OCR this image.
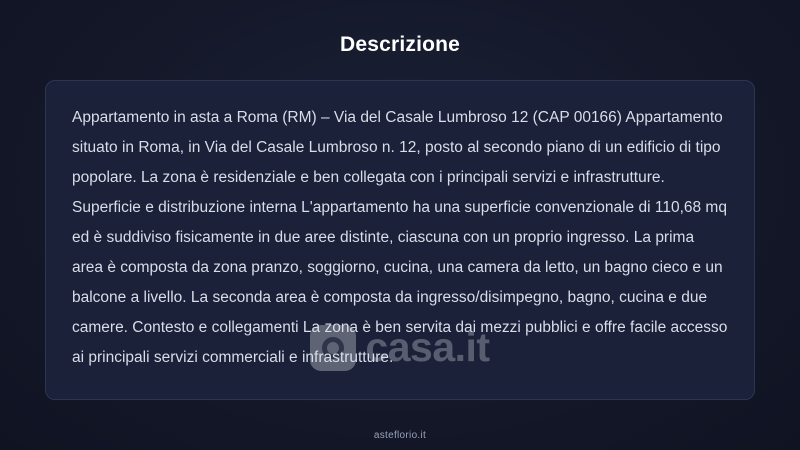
Descrizione

Appartamento in asta a Roma (RM) – Via del Casale Lumbroso 12 (CAP 00166) Appartamento situato in Roma, in Via del Casale Lumbroso n. 12, posto al secondo piano di un edificio di tipo popolare. La zona è residenziale e ben collegata con i principali servizi e infrastrutture. Superficie e distribuzione interna L'appartamento ha una superficie convenzionale di 110,68 mq ed è suddiviso fisicamente in due aree distinte, ciascuna con un proprio ingresso. La prima area è composta da zona pranzo, soggiorno, cucina, una camera da letto, un bagno cieco e un balcone a livello. La seconda area è composta da ingresso/disimpegno, bagno, cucina e due camere. Contesto e collegamenti La zona è ben servita dai mezzi pubblici e offre facile accesso ai principali servizi commerciali e infrastrutture.

casa.it
asteflorio.it
